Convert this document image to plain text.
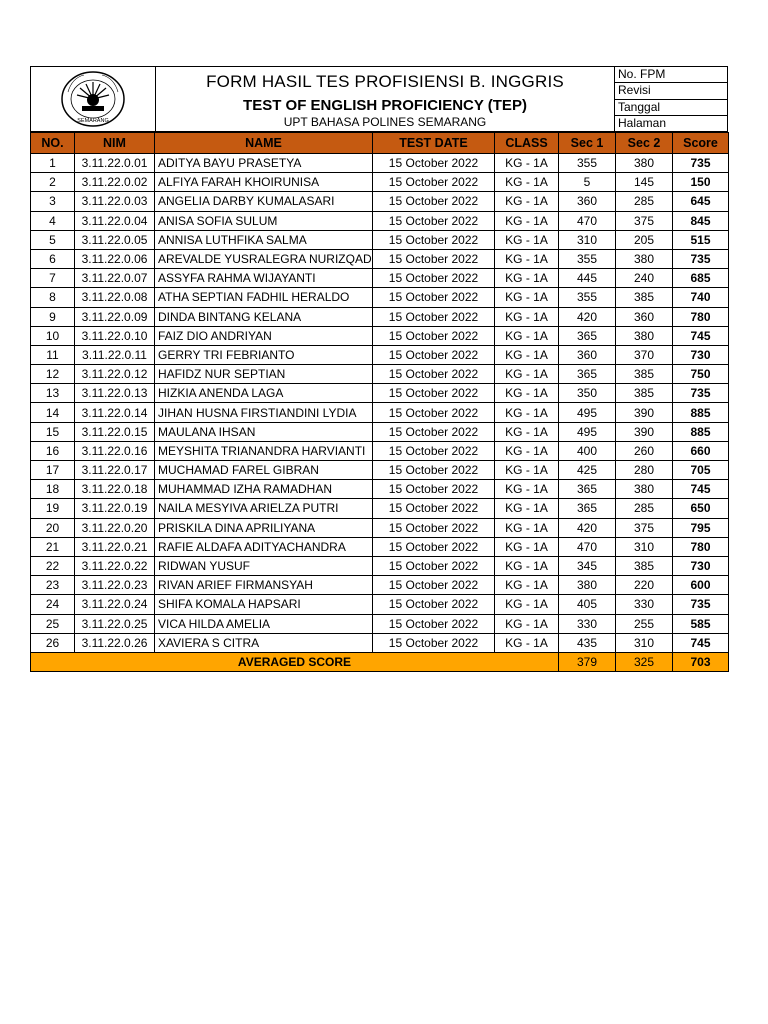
SEMARANG
FORM HASIL TES PROFISIENSI B. INGGRIS
TEST OF ENGLISH PROFICIENCY (TEP)
UPT BAHASA POLINES SEMARANG
No. FPM
Revisi
Tanggal
Halaman
NO.	NIM	NAME	TEST DATE	CLASS	Sec 1	Sec 2	Score
1	3.11.22.0.01	ADITYA BAYU PRASETYA	15 October 2022	KG - 1A	355	380	735
2	3.11.22.0.02	ALFIYA FARAH KHOIRUNISA	15 October 2022	KG - 1A	5	145	150
3	3.11.22.0.03	ANGELIA DARBY KUMALASARI	15 October 2022	KG - 1A	360	285	645
4	3.11.22.0.04	ANISA SOFIA SULUM	15 October 2022	KG - 1A	470	375	845
5	3.11.22.0.05	ANNISA LUTHFIKA SALMA	15 October 2022	KG - 1A	310	205	515
6	3.11.22.0.06	AREVALDE YUSRALEGRA NURIZQAD	15 October 2022	KG - 1A	355	380	735
7	3.11.22.0.07	ASSYFA RAHMA WIJAYANTI	15 October 2022	KG - 1A	445	240	685
8	3.11.22.0.08	ATHA SEPTIAN FADHIL HERALDO	15 October 2022	KG - 1A	355	385	740
9	3.11.22.0.09	DINDA BINTANG KELANA	15 October 2022	KG - 1A	420	360	780
10	3.11.22.0.10	FAIZ DIO ANDRIYAN	15 October 2022	KG - 1A	365	380	745
11	3.11.22.0.11	GERRY TRI FEBRIANTO	15 October 2022	KG - 1A	360	370	730
12	3.11.22.0.12	HAFIDZ NUR SEPTIAN	15 October 2022	KG - 1A	365	385	750
13	3.11.22.0.13	HIZKIA ANENDA LAGA	15 October 2022	KG - 1A	350	385	735
14	3.11.22.0.14	JIHAN HUSNA FIRSTIANDINI LYDIA	15 October 2022	KG - 1A	495	390	885
15	3.11.22.0.15	MAULANA IHSAN	15 October 2022	KG - 1A	495	390	885
16	3.11.22.0.16	MEYSHITA TRIANANDRA HARVIANTI	15 October 2022	KG - 1A	400	260	660
17	3.11.22.0.17	MUCHAMAD FAREL GIBRAN	15 October 2022	KG - 1A	425	280	705
18	3.11.22.0.18	MUHAMMAD IZHA RAMADHAN	15 October 2022	KG - 1A	365	380	745
19	3.11.22.0.19	NAILA MESYIVA ARIELZA PUTRI	15 October 2022	KG - 1A	365	285	650
20	3.11.22.0.20	PRISKILA DINA APRILIYANA	15 October 2022	KG - 1A	420	375	795
21	3.11.22.0.21	RAFIE ALDAFA ADITYACHANDRA	15 October 2022	KG - 1A	470	310	780
22	3.11.22.0.22	RIDWAN YUSUF	15 October 2022	KG - 1A	345	385	730
23	3.11.22.0.23	RIVAN ARIEF FIRMANSYAH	15 October 2022	KG - 1A	380	220	600
24	3.11.22.0.24	SHIFA KOMALA HAPSARI	15 October 2022	KG - 1A	405	330	735
25	3.11.22.0.25	VICA HILDA AMELIA	15 October 2022	KG - 1A	330	255	585
26	3.11.22.0.26	XAVIERA S CITRA	15 October 2022	KG - 1A	435	310	745
AVERAGED SCORE					379	325	703
